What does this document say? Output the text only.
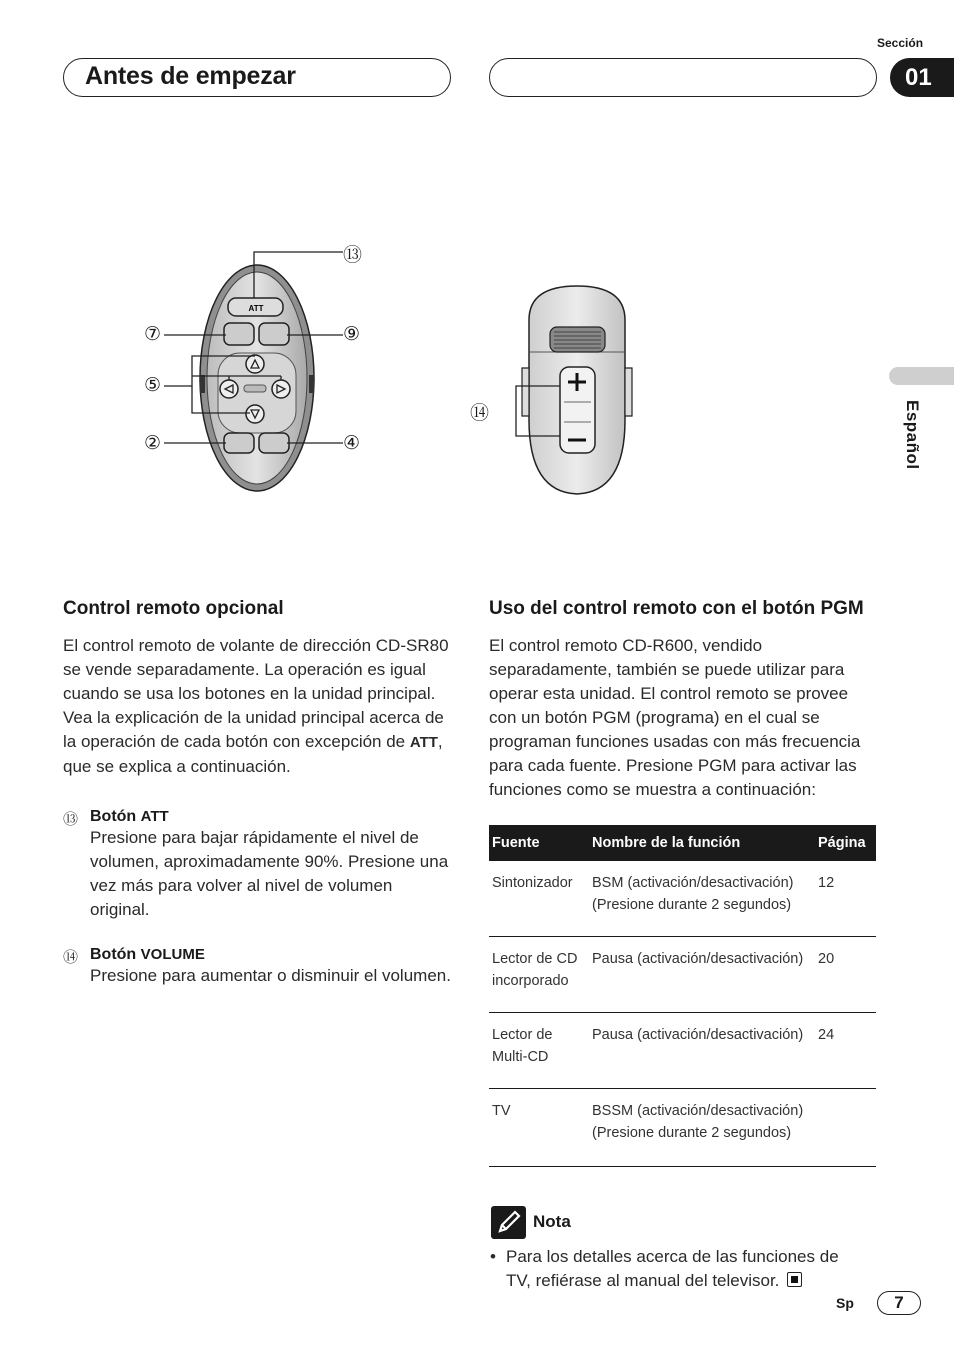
Sección
Antes de empezar	01
Español
ATT
⑬
⑦	⑨
⑤
②	④
⑭
Control remoto opcional

El control remoto de volante de dirección CD-SR80 se vende separadamente. La operación es igual cuando se usa los botones en la unidad principal. Vea la explicación de la unidad principal acerca de la operación de cada botón con excepción de ATT, que se explica a continuación.

⑬ Botón ATT
Presione para bajar rápidamente el nivel de volumen, aproximadamente 90%. Presione una vez más para volver al nivel de volumen original.
⑭ Botón VOLUME
Presione para aumentar o disminuir el volumen.
Uso del control remoto con el botón PGM

El control remoto CD-R600, vendido separadamente, también se puede utilizar para operar esta unidad. El control remoto se provee con un botón PGM (programa) en el cual se programan funciones usadas con más frecuencia para cada fuente. Presione PGM para activar las funciones como se muestra a continuación:

Fuente	Nombre de la función	Página
Sintonizador	BSM (activación/desactivación) (Presione durante 2 segundos)	12
Lector de CD incorporado	Pausa (activación/desactivación)	20
Lector de Multi-CD	Pausa (activación/desactivación)	24
TV	BSSM (activación/desactivación) (Presione durante 2 segundos)	
Nota
• Para los detalles acerca de las funciones de TV, refiérase al manual del televisor.
Sp	7
